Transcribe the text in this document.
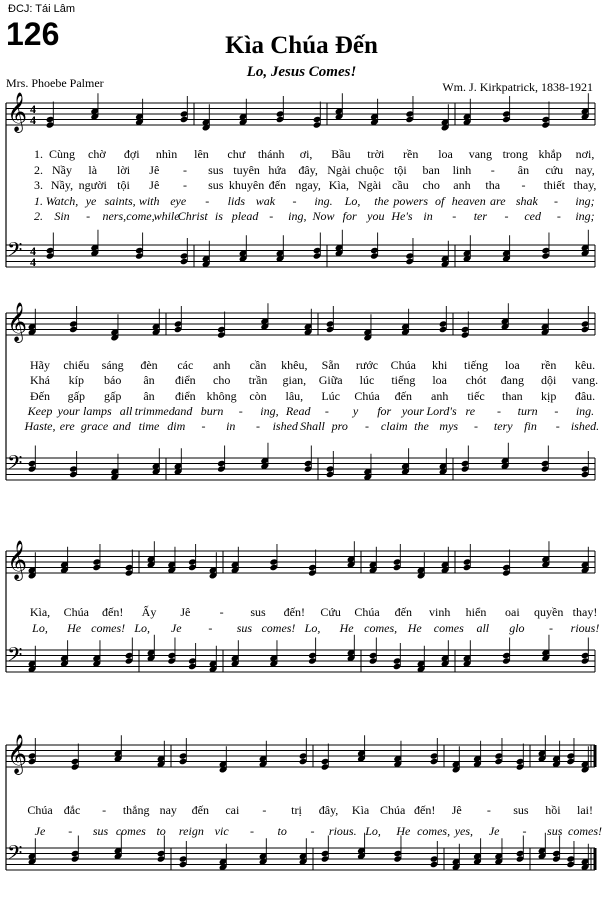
ĐCJ: Tái Lâm
126	Kìa Chúa Đến
Lo, Jesus Comes!
Mrs. Phoebe Palmer	Wm. J. Kirkpatrick, 1838-1921
𝄞 4
4
𝄢 4
4
1. Cùng chờ đợi nhìn lên chư thánh ơi, Bầu trời rền loa vang trong khắp nơi,
2. Nầy là lời Jê - sus tuyên hứa đây, Ngài chuộc tội ban linh - ân cứu nay,
3. Nầy, người tội Jê - sus khuyên đến ngay, Kìa, Ngài cầu cho anh tha - thiết thay,
1. Watch, ye saints, with eye - lids wak - ing. Lo, the powers of heaven are shak - ing;
2. Sin - ners, come,
while
Christ is plead - ing, Now for you He's in - ter - ced - ing;
𝄞
𝄢
Hãy chiếu sáng đèn các anh cần khêu, Sẵn rước Chúa khi tiếng loa rền kêu.
Khá kíp báo ân điển cho trần gian, Giữa lúc tiếng loa chót đang dội vang.
Đến gấp gấp ân điển không còn lâu, Lúc Chúa đến anh tiếc than kịp đâu.
Keep your lamps all trimmed and burn - ing, Read - y for your Lord's re - turn - ing.
Haste, ere grace and time dim - in - ished Shall pro - claim the mys - tery fin - ished.
𝄞
𝄢
Kìa, Chúa đến! Ấy Jê - sus đến! Cứu Chúa đến vinh hiển oai quyền thay!
Lo, He comes! Lo, Je - sus comes! Lo, He comes, He comes all glo - rious!
𝄞
𝄢
Chúa đắc - thắng nay đến cai - trị đây, Kìa Chúa đến! Jê - sus hồi lai!
Je - sus comes to reign vic - to - rious. Lo, He comes, yes, Je - sus comes!
